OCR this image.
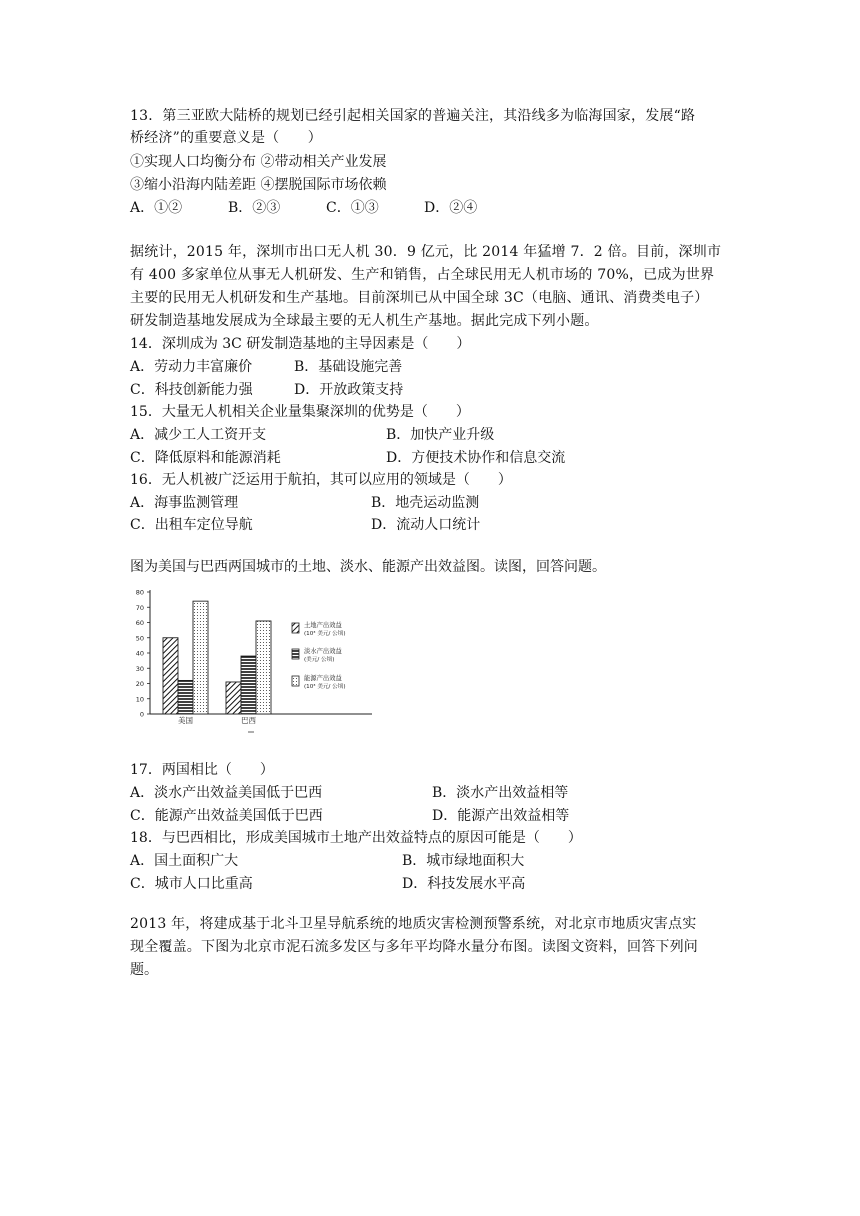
13．第三亚欧大陆桥的规划已经引起相关国家的普遍关注，其沿线多为临海国家，发展“路
桥经济”的重要意义是（　　）
①实现人口均衡分布 ②带动相关产业发展
③缩小沿海内陆差距 ④摆脱国际市场依赖
A．①②	B．②③	C．①③	D．②④
据统计，2015 年，深圳市出口无人机 30．9 亿元，比 2014 年猛增 7．2 倍。目前，深圳市
有 400 多家单位从事无人机研发、生产和销售，占全球民用无人机市场的 70%，已成为世界
主要的民用无人机研发和生产基地。目前深圳已从中国全球 3C（电脑、通讯、消费类电子）
研发制造基地发展成为全球最主要的无人机生产基地。据此完成下列小题。
14．深圳成为 3C 研发制造基地的主导因素是（　　）
A．劳动力丰富廉价	B．基础设施完善
C．科技创新能力强	D．开放政策支持
15．大量无人机相关企业量集聚深圳的优势是（　　）
A．减少工人工资开支	B．加快产业升级
C．降低原料和能源消耗	D．方便技术协作和信息交流
16．无人机被广泛运用于航拍，其可以应用的领域是（　　）
A．海事监测管理	B．地壳运动监测
C．出租车定位导航	D．流动人口统计
图为美国与巴西两国城市的土地、淡水、能源产出效益图。读图，回答问题。
80
70
60
50
40
30
20
10
0
美国	巴西
土地产出效益
(10³ 美元/ 公顷)
淡水产出效益
(美元/ 公顷)
能源产出效益
(10³ 美元/ 公顷)
17．两国相比（　　）
A．淡水产出效益美国低于巴西	B．淡水产出效益相等
C．能源产出效益美国低于巴西	D．能源产出效益相等
18．与巴西相比，形成美国城市土地产出效益特点的原因可能是（　　）
A．国土面积广大	B．城市绿地面积大
C．城市人口比重高	D．科技发展水平高
2013 年，将建成基于北斗卫星导航系统的地质灾害检测预警系统，对北京市地质灾害点实
现全覆盖。下图为北京市泥石流多发区与多年平均降水量分布图。读图文资料，回答下列问
题。
